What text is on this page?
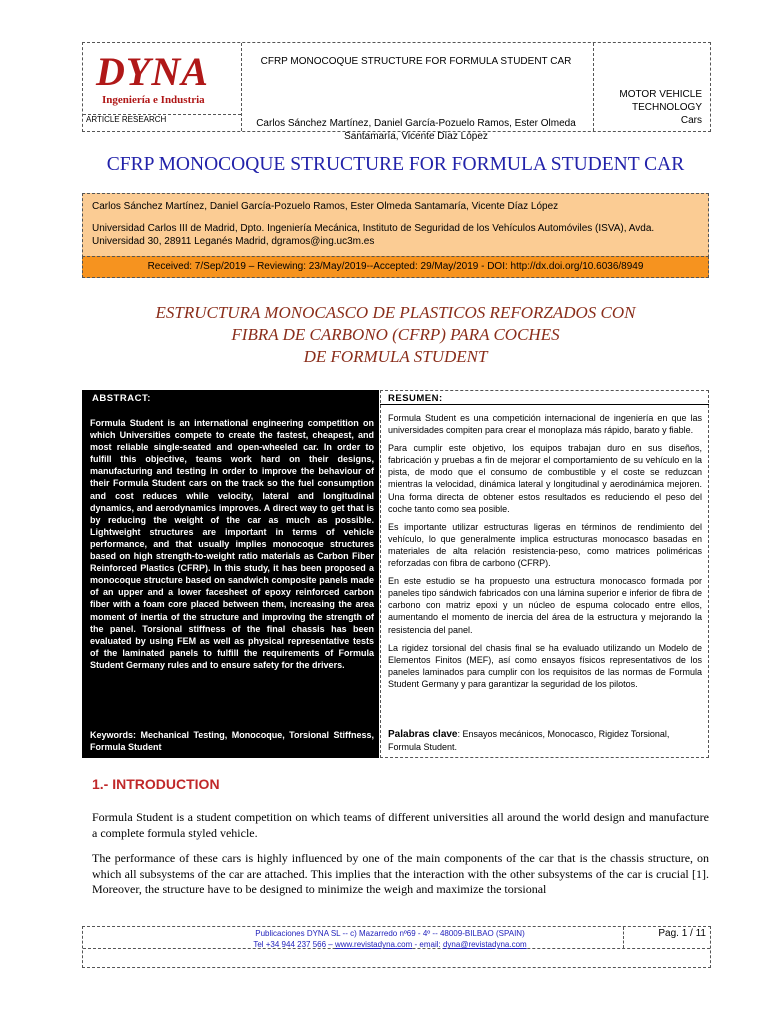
DYNA
Ingeniería e Industria
CFRP MONOCOQUE STRUCTURE FOR FORMULA STUDENT CAR
MOTOR VEHICLE
TECHNOLOGY
Cars
ARTICLE RESEARCH	Carlos Sánchez Martínez, Daniel García-Pozuelo Ramos, Ester Olmeda
Santamaría, Vicente Díaz López
CFRP MONOCOQUE STRUCTURE FOR FORMULA STUDENT CAR
Carlos Sánchez Martínez, Daniel García-Pozuelo Ramos, Ester Olmeda Santamaría, Vicente Díaz López
Universidad Carlos III de Madrid, Dpto. Ingeniería Mecánica, Instituto de Seguridad de los Vehículos Automóviles (ISVA), Avda. Universidad 30, 28911 Leganés Madrid, dgramos@ing.uc3m.es
Received: 7/Sep/2019 – Reviewing: 23/May/2019--Accepted: 29/May/2019 - DOI: http://dx.doi.org/10.6036/8949
ESTRUCTURA MONOCASCO DE PLASTICOS REFORZADOS CON
FIBRA DE CARBONO (CFRP) PARA COCHES
DE FORMULA STUDENT
ABSTRACT:
Formula Student is an international engineering competition on which Universities compete to create the fastest, cheapest, and most reliable single-seated and open-wheeled car. In order to fulfill this objective, teams work hard on their designs, manufacturing and testing in order to improve the behaviour of their Formula Student cars on the track so the fuel consumption and cost reduces while velocity, lateral and longitudinal dynamics, and aerodynamics improves. A direct way to get that is by reducing the weight of the car as much as possible. Lightweight structures are important in terms of vehicle performance, and that usually implies monocoque structures based on high strength-to-weight ratio materials as Carbon Fiber Reinforced Plastics (CFRP). In this study, it has been proposed a monocoque structure based on sandwich composite panels made of an upper and a lower facesheet of epoxy reinforced carbon fiber with a foam core placed between them, increasing the area moment of inertia of the structure and improving the strength of the panel. Torsional stiffness of the final chassis has been evaluated by using FEM as well as physical representative tests of the laminated panels to fulfill the requirements of Formula Student Germany rules and to ensure safety for the drivers.
Keywords: Mechanical Testing, Monocoque, Torsional Stiffness, Formula Student
RESUMEN:

Formula Student es una competición internacional de ingeniería en que las universidades compiten para crear el monoplaza más rápido, barato y fiable.

Para cumplir este objetivo, los equipos trabajan duro en sus diseños, fabricación y pruebas a fin de mejorar el comportamiento de su vehículo en la pista, de modo que el consumo de combustible y el coste se reduzcan mientras la velocidad, dinámica lateral y longitudinal y aerodinámica mejoren. Una forma directa de obtener estos resultados es reduciendo el peso del coche tanto como sea posible.

Es importante utilizar estructuras ligeras en términos de rendimiento del vehículo, lo que generalmente implica estructuras monocasco basadas en materiales de alta relación resistencia-peso, como matrices poliméricas reforzadas con fibra de carbono (CFRP).

En este estudio se ha propuesto una estructura monocasco formada por paneles tipo sándwich fabricados con una lámina superior e inferior de fibra de carbono con matriz epoxi y un núcleo de espuma colocado entre ellos, aumentando el momento de inercia del área de la estructura y mejorando la resistencia del panel.

La rigidez torsional del chasis final se ha evaluado utilizando un Modelo de Elementos Finitos (MEF), así como ensayos físicos representativos de los paneles laminados para cumplir con los requisitos de las normas de Formula Student Germany y para garantizar la seguridad de los pilotos.

Palabras clave: Ensayos mecánicos, Monocasco, Rigidez Torsional, Formula Student.
1.- INTRODUCTION
Formula Student is a student competition on which teams of different universities all around the world design and manufacture a complete formula styled vehicle.
The performance of these cars is highly influenced by one of the main components of the car that is the chassis structure, on which all subsystems of the car are attached. This implies that the interaction with the other subsystems of the car is crucial [1]. Moreover, the structure have to be designed to minimize the weigh and maximize the torsional
Publicaciones DYNA SL -- c) Mazarredo nº69 - 4º -- 48009-BILBAO (SPAIN)
Tel +34 944 237 566 – www.revistadyna.com - email: dyna@revistadyna.com
Pag. 1 / 11
